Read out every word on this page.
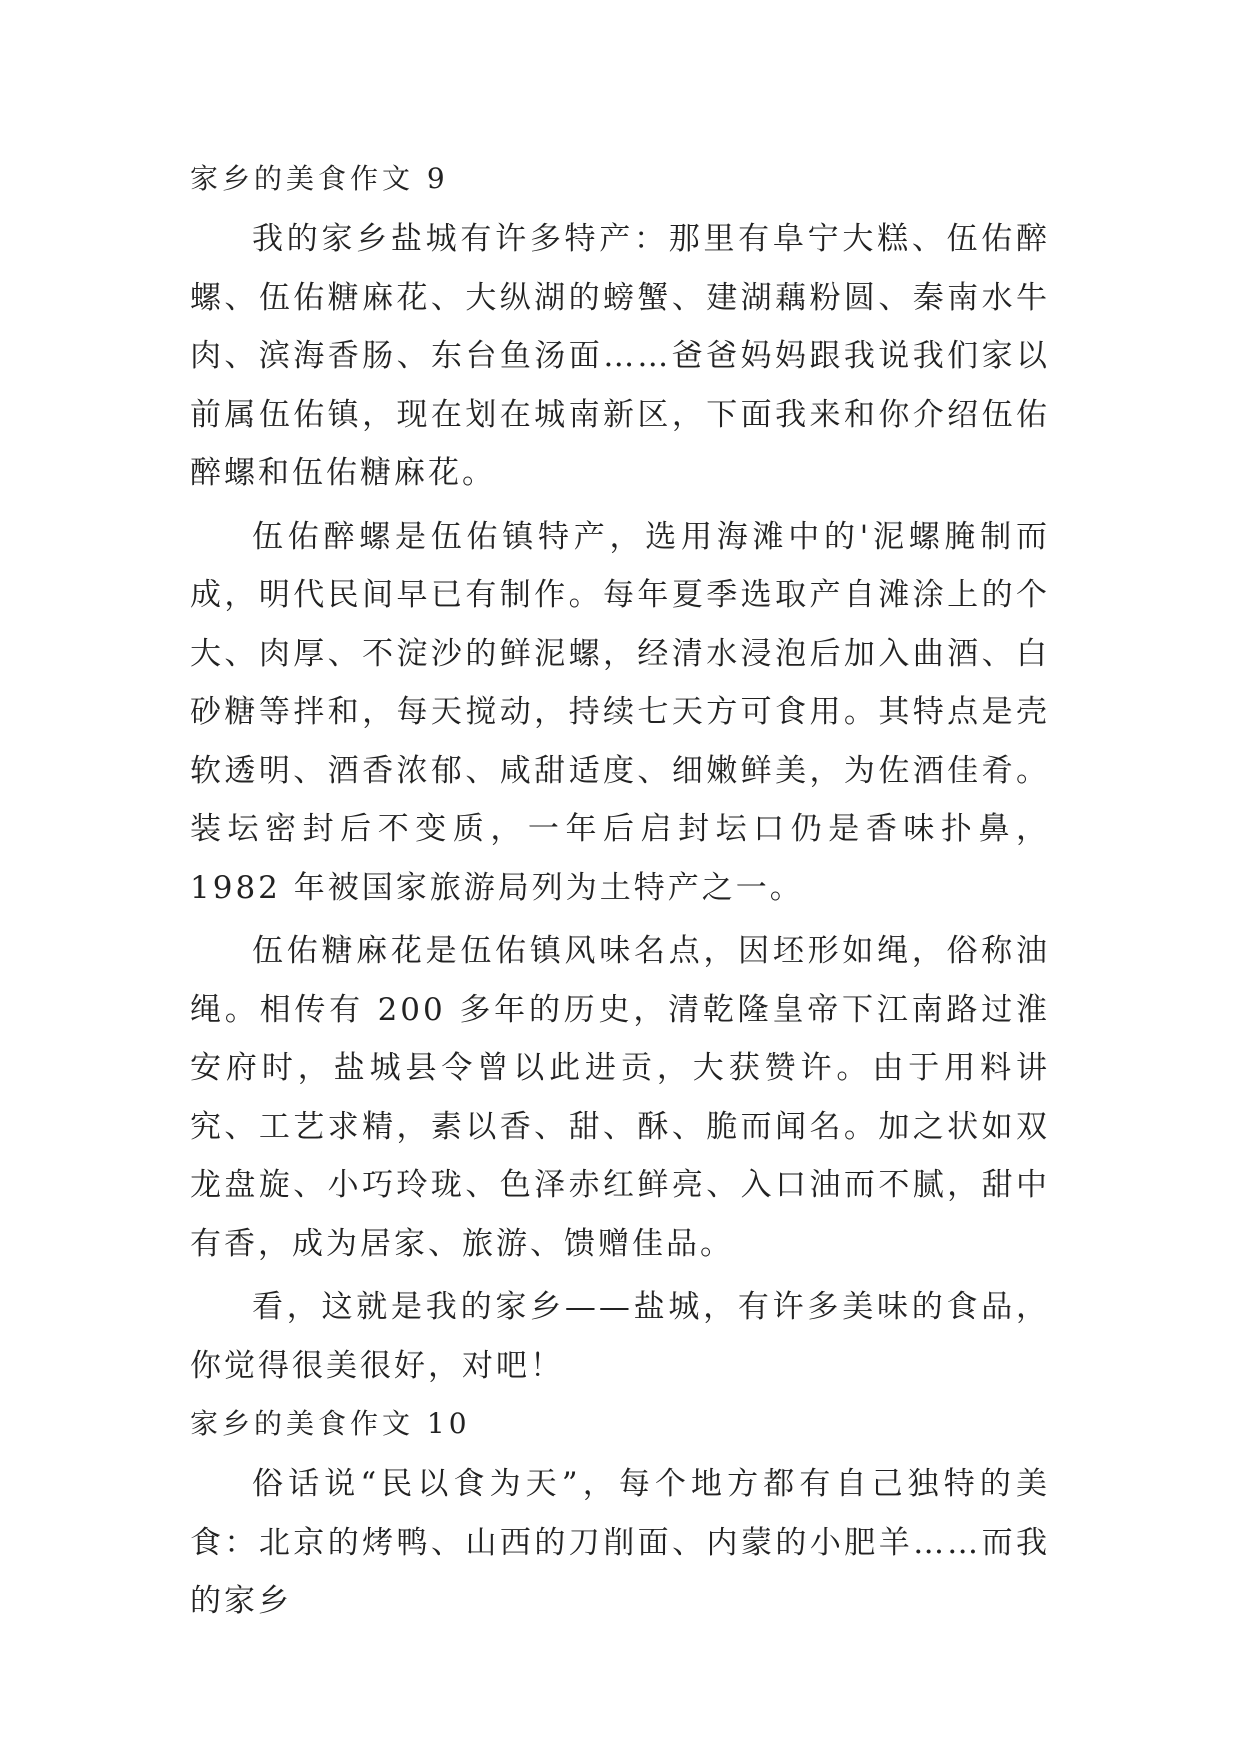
家乡的美食作文 9

我的家乡盐城有许多特产：那里有阜宁大糕、伍佑醉螺、伍佑糖麻花、大纵湖的螃蟹、建湖藕粉圆、秦南水牛肉、滨海香肠、东台鱼汤面……爸爸妈妈跟我说我们家以前属伍佑镇，现在划在城南新区，下面我来和你介绍伍佑醉螺和伍佑糖麻花。

伍佑醉螺是伍佑镇特产，选用海滩中的'泥螺腌制而成，明代民间早已有制作。每年夏季选取产自滩涂上的个大、肉厚、不淀沙的鲜泥螺，经清水浸泡后加入曲酒、白砂糖等拌和，每天搅动，持续七天方可食用。其特点是壳软透明、酒香浓郁、咸甜适度、细嫩鲜美，为佐酒佳肴。装坛密封后不变质，一年后启封坛口仍是香味扑鼻，1982 年被国家旅游局列为土特产之一。

伍佑糖麻花是伍佑镇风味名点，因坯形如绳，俗称油绳。相传有 200 多年的历史，清乾隆皇帝下江南路过淮安府时，盐城县令曾以此进贡，大获赞许。由于用料讲究、工艺求精，素以香、甜、酥、脆而闻名。加之状如双龙盘旋、小巧玲珑、色泽赤红鲜亮、入口油而不腻，甜中有香，成为居家、旅游、馈赠佳品。

看，这就是我的家乡——盐城，有许多美味的食品，你觉得很美很好，对吧！

家乡的美食作文 10

俗话说“民以食为天”，每个地方都有自己独特的美食：北京的烤鸭、山西的刀削面、内蒙的小肥羊……而我的家乡
